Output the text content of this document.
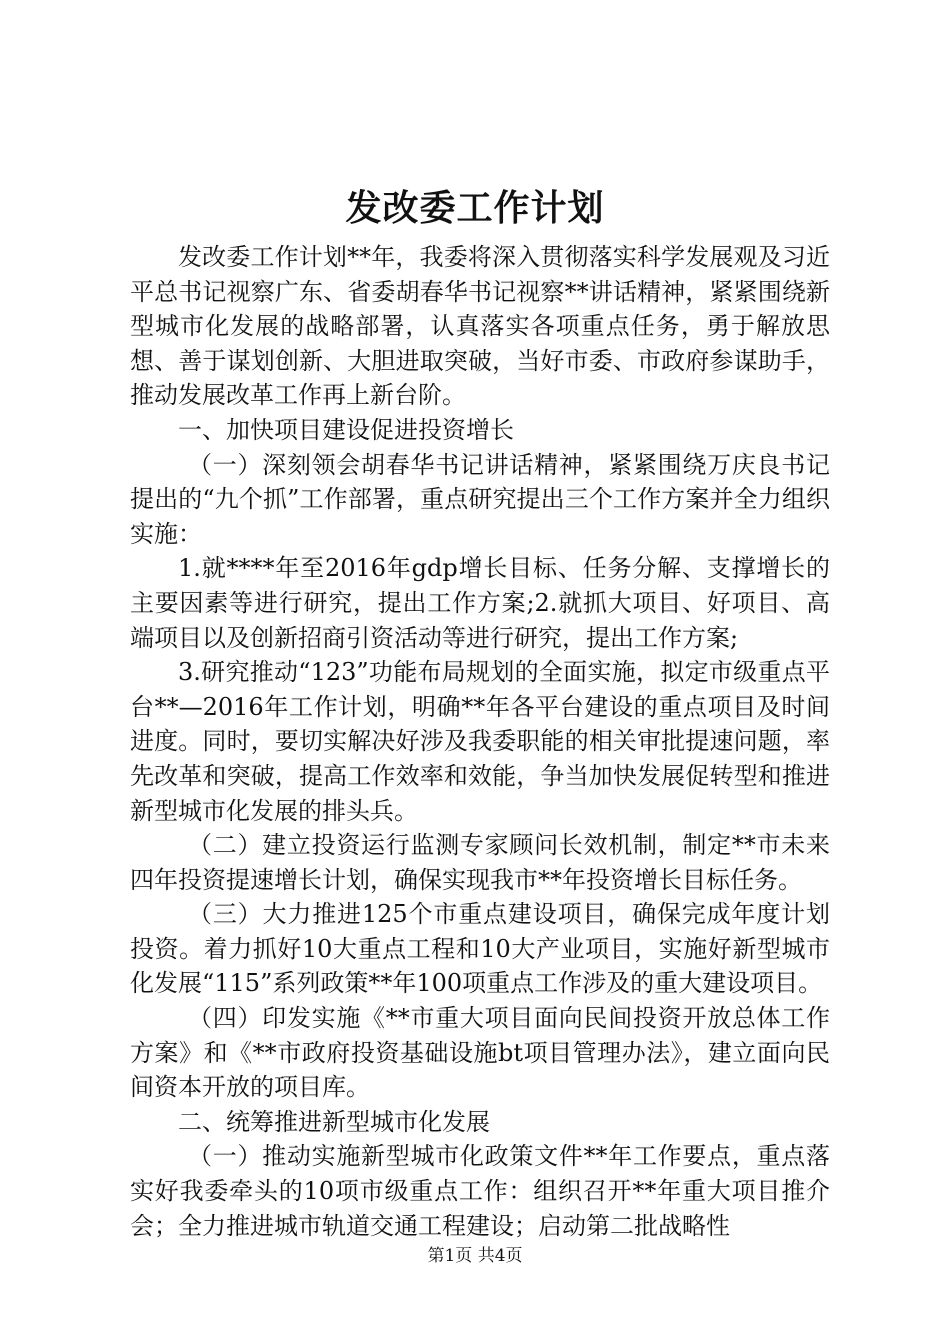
发改委工作计划

发改委工作计划**年，我委将深入贯彻落实科学发展观及习近平总书记视察广东、省委胡春华书记视察**讲话精神，紧紧围绕新型城市化发展的战略部署，认真落实各项重点任务，勇于解放思想、善于谋划创新、大胆进取突破，当好市委、市政府参谋助手，推动发展改革工作再上新台阶。

一、加快项目建设促进投资增长

（一）深刻领会胡春华书记讲话精神，紧紧围绕万庆良书记提出的“九个抓”工作部署，重点研究提出三个工作方案并全力组织实施：

1.就****年至2016年gdp增长目标、任务分解、支撑增长的主要因素等进行研究，提出工作方案;2.就抓大项目、好项目、高端项目以及创新招商引资活动等进行研究，提出工作方案;

3.研究推动“123”功能布局规划的全面实施，拟定市级重点平台**—2016年工作计划，明确**年各平台建设的重点项目及时间进度。同时，要切实解决好涉及我委职能的相关审批提速问题，率先改革和突破，提高工作效率和效能，争当加快发展促转型和推进新型城市化发展的排头兵。

（二）建立投资运行监测专家顾问长效机制，制定**市未来四年投资提速增长计划，确保实现我市**年投资增长目标任务。

（三）大力推进125个市重点建设项目，确保完成年度计划投资。着力抓好10大重点工程和10大产业项目，实施好新型城市化发展“115”系列政策**年100项重点工作涉及的重大建设项目。

（四）印发实施《**市重大项目面向民间投资开放总体工作方案》和《**市政府投资基础设施bt项目管理办法》，建立面向民间资本开放的项目库。

二、统筹推进新型城市化发展

（一）推动实施新型城市化政策文件**年工作要点，重点落实好我委牵头的10项市级重点工作：组织召开**年重大项目推介会；全力推进城市轨道交通工程建设；启动第二批战略性

第1页 共4页
